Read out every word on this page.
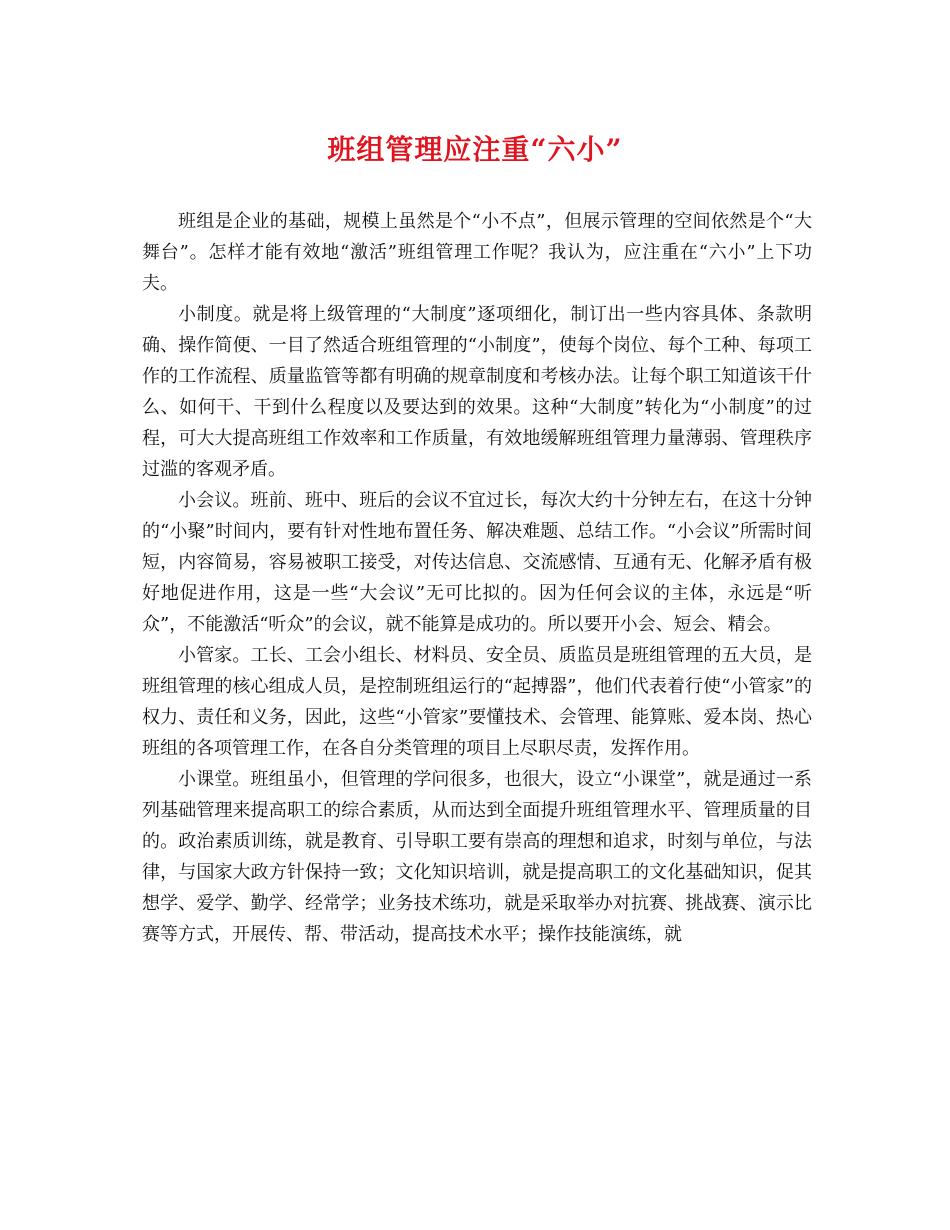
班组管理应注重“六小”

班组是企业的基础，规模上虽然是个“小不点”，但展示管理的空间依然是个“大舞台”。怎样才能有效地“激活”班组管理工作呢？我认为，应注重在“六小”上下功夫。

小制度。就是将上级管理的“大制度”逐项细化，制订出一些内容具体、条款明确、操作简便、一目了然适合班组管理的“小制度”，使每个岗位、每个工种、每项工作的工作流程、质量监管等都有明确的规章制度和考核办法。让每个职工知道该干什么、如何干、干到什么程度以及要达到的效果。这种“大制度”转化为“小制度”的过程，可大大提高班组工作效率和工作质量，有效地缓解班组管理力量薄弱、管理秩序过滥的客观矛盾。

小会议。班前、班中、班后的会议不宜过长，每次大约十分钟左右，在这十分钟的“小聚”时间内，要有针对性地布置任务、解决难题、总结工作。“小会议”所需时间短，内容简易，容易被职工接受，对传达信息、交流感情、互通有无、化解矛盾有极好地促进作用，这是一些“大会议”无可比拟的。因为任何会议的主体，永远是“听众”，不能激活“听众”的会议，就不能算是成功的。所以要开小会、短会、精会。

小管家。工长、工会小组长、材料员、安全员、质监员是班组管理的五大员，是班组管理的核心组成人员，是控制班组运行的“起搏器”，他们代表着行使“小管家”的权力、责任和义务，因此，这些“小管家”要懂技术、会管理、能算账、爱本岗、热心班组的各项管理工作，在各自分类管理的项目上尽职尽责，发挥作用。

小课堂。班组虽小，但管理的学问很多，也很大，设立“小课堂”，就是通过一系列基础管理来提高职工的综合素质，从而达到全面提升班组管理水平、管理质量的目的。政治素质训练，就是教育、引导职工要有崇高的理想和追求，时刻与单位，与法律，与国家大政方针保持一致；文化知识培训，就是提高职工的文化基础知识，促其想学、爱学、勤学、经常学；业务技术练功，就是采取举办对抗赛、挑战赛、演示比赛等方式，开展传、帮、带活动，提高技术水平；操作技能演练，就
